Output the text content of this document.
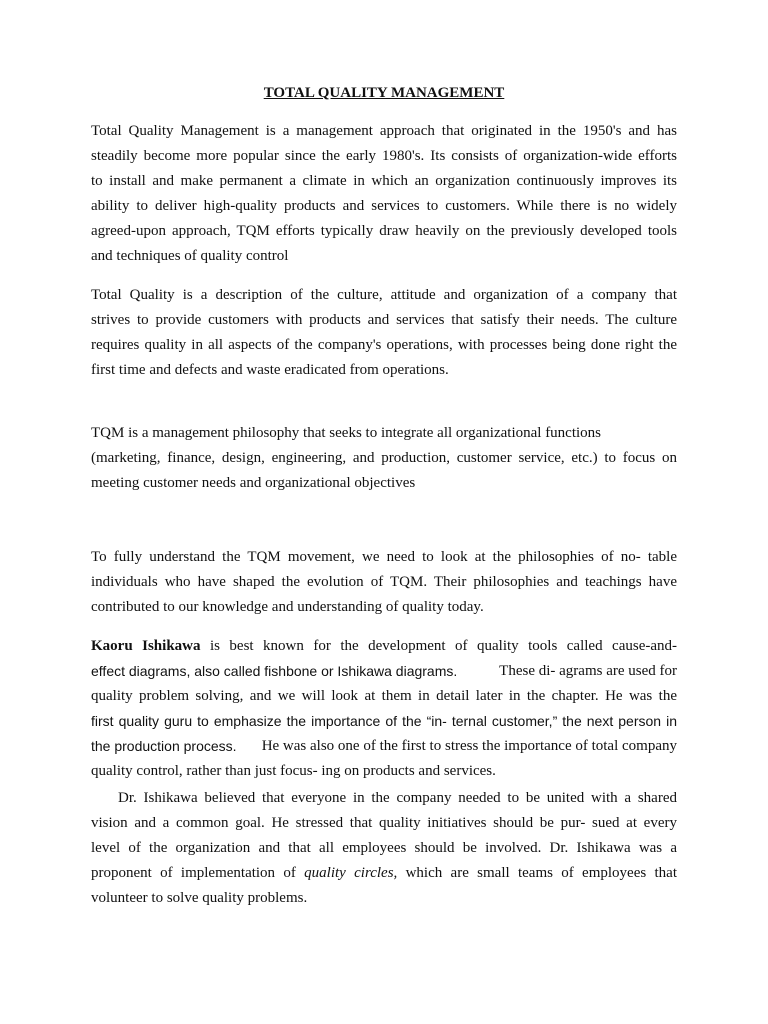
TOTAL QUALITY MANAGEMENT
Total Quality Management is a management approach that originated in the 1950's and has
steadily become more popular since the early 1980's. Its consists of organization-wide efforts
to install and make permanent a climate in which an organization continuously improves its
ability to deliver high-quality products and services to customers. While there is no widely
agreed-upon approach, TQM efforts typically draw heavily on the previously developed tools
and techniques of quality control
Total Quality is a description of the culture, attitude and organization of a company that
strives to provide customers with products and services that satisfy their needs. The culture
requires quality in all aspects of the company's operations, with processes being done right the
first time and defects and waste eradicated from operations.
TQM is a management philosophy that seeks to integrate all organizational functions
(marketing, finance, design, engineering, and production, customer service, etc.) to focus on
meeting customer needs and organizational objectives
To fully understand the TQM movement, we need to look at the philosophies of no- table
individuals who have shaped the evolution of TQM. Their philosophies and teachings have
contributed to our knowledge and understanding of quality today.
Kaoru Ishikawa is best known for the development of quality tools called cause-and-
effect diagrams, also called fishbone or Ishikawa diagrams.	These di- agrams are used for
quality problem solving, and we will look at them in detail later in the chapter. He was the
first quality guru to emphasize the importance of the “in- ternal customer,” the next person in
the production process. He was also one of the first to stress the importance of total company
quality control, rather than just focus- ing on products and services.
Dr. Ishikawa believed that everyone in the company needed to be united with a shared
vision and a common goal. He stressed that quality initiatives should be pur- sued at every
level of the organization and that all employees should be involved. Dr. Ishikawa was a
proponent of implementation of quality circles, which are small teams of employees that
volunteer to solve quality problems.
